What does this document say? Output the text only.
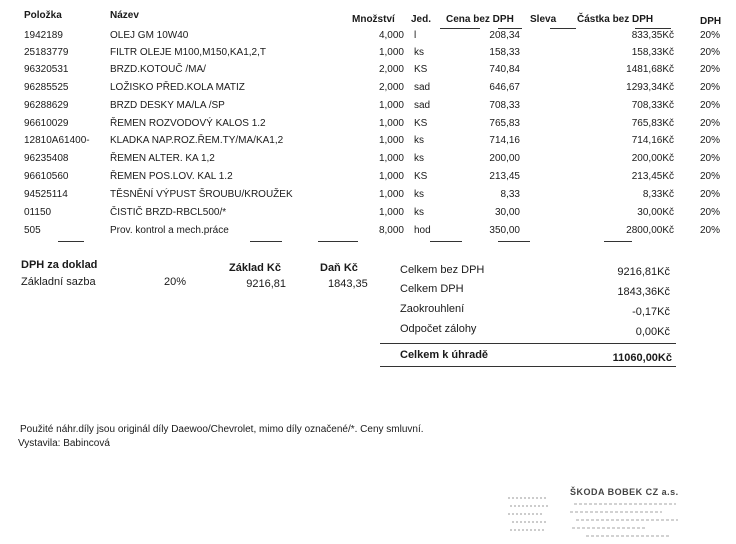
Položka	Název	Množství Jed. Cena bez DPH Sleva Částka bez DPH	DPH
1942189	OLEJ GM 10W40	4,000 l	208,34	833,35Kč	20%
25183779	FILTR OLEJE M100,M150,KA1,2,T	1,000 ks	158,33	158,33Kč	20%
96320531	BRZD.KOTOUČ /MA/	2,000 KS	740,84	1481,68Kč	20%
96285525	LOŽISKO PŘED.KOLA MATIZ	2,000 sad	646,67	1293,34Kč	20%
96288629	BRZD DESKY MA/LA /SP	1,000 sad	708,33	708,33Kč	20%
96610029	ŘEMEN ROZVODOVÝ KALOS 1.2	1,000 KS	765,83	765,83Kč	20%
12810A61400- KLADKA NAP.ROZ.ŘEM.TY/MA/KA1,2	1,000 ks	714,16	714,16Kč	20%
96235408	ŘEMEN ALTER. KA 1,2	1,000 ks	200,00	200,00Kč	20%
96610560	ŘEMEN POS.LOV. KAL 1.2	1,000 KS	213,45	213,45Kč	20%
94525114	TĚSNĚNÍ VÝPUST ŠROUBU/KROUŽEK	1,000 ks	8,33	8,33Kč	20%
01150	ČISTIČ BRZD-RBCL500/*	1,000 ks	30,00	30,00Kč	20%
505	Prov. kontrol a mech.práce	8,000 hod	350,00	2800,00Kč	20%
DPH za doklad	Základ Kč	Daň Kč
Základní sazba	20%	9216,81	1843,35
Celkem bez DPH	9216,81Kč
Celkem DPH	1843,36Kč
Zaokrouhlení	-0,17Kč
Odpočet zálohy	0,00Kč
Celkem k úhradě	11060,00Kč
Použité náhr.díly jsou originál díly Daewoo/Chevrolet, mimo díly označené/*. Ceny smluvní.
Vystavila: Babincová
ŠKODA BOBEK CZ a.s.
